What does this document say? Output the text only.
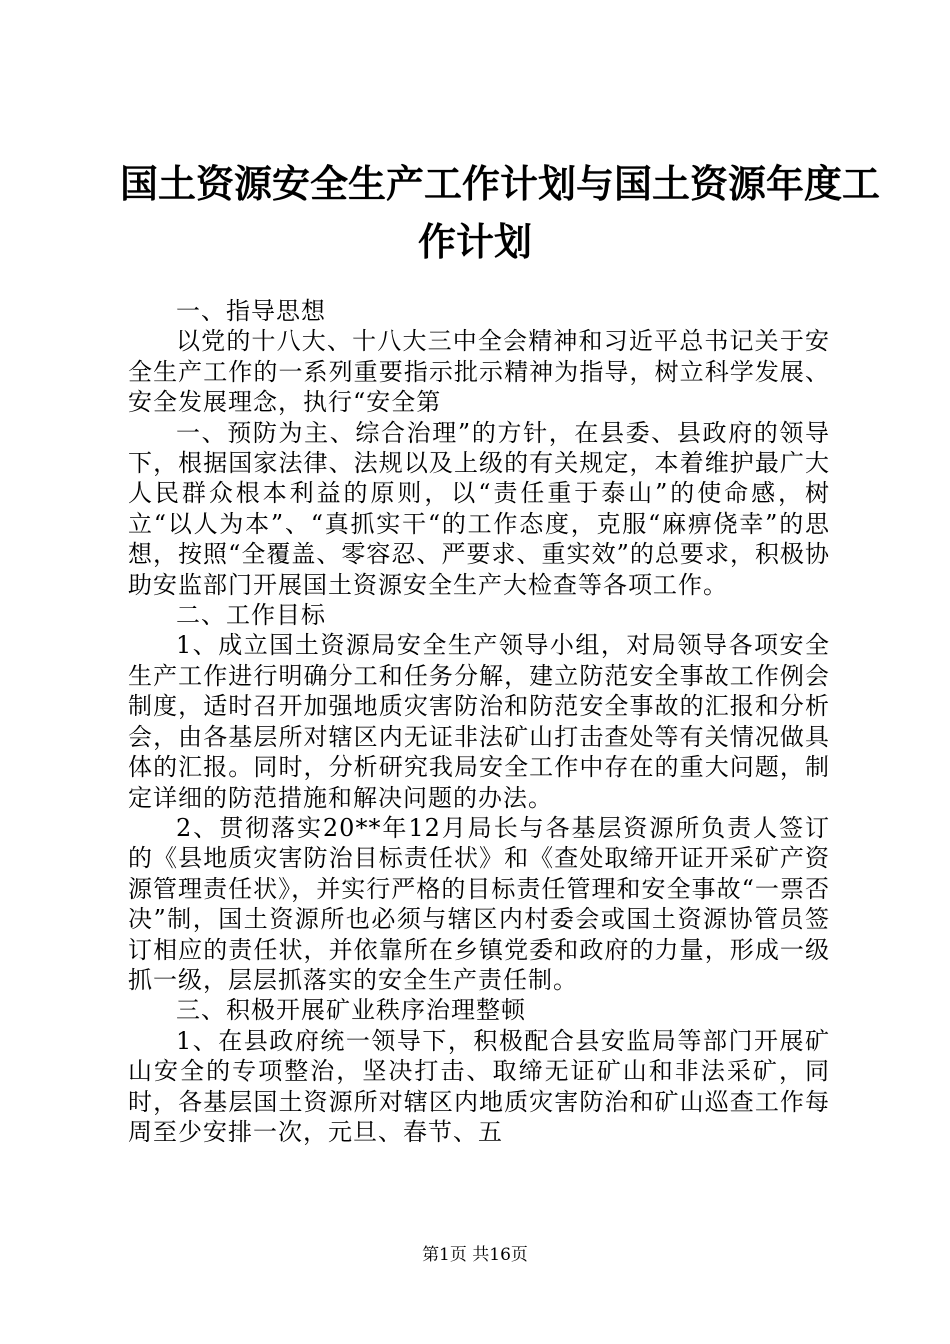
国土资源安全生产工作计划与国土资源年度工
作计划

一、指导思想

以党的十八大、十八大三中全会精神和习近平总书记关于安全生产工作的一系列重要指示批示精神为指导，树立科学发展、安全发展理念，执行“安全第

一、预防为主、综合治理”的方针，在县委、县政府的领导下，根据国家法律、法规以及上级的有关规定，本着维护最广大人民群众根本利益的原则，以“责任重于泰山”的使命感，树立“以人为本”、“真抓实干“的工作态度，克服“麻痹侥幸”的思想，按照“全覆盖、零容忍、严要求、重实效”的总要求，积极协助安监部门开展国土资源安全生产大检查等各项工作。

二、工作目标

1、成立国土资源局安全生产领导小组，对局领导各项安全生产工作进行明确分工和任务分解，建立防范安全事故工作例会制度，适时召开加强地质灾害防治和防范安全事故的汇报和分析会，由各基层所对辖区内无证非法矿山打击查处等有关情况做具体的汇报。同时，分析研究我局安全工作中存在的重大问题，制定详细的防范措施和解决问题的办法。

2、贯彻落实20**年12月局长与各基层资源所负责人签订的《县地质灾害防治目标责任状》和《查处取缔开证开采矿产资源管理责任状》，并实行严格的目标责任管理和安全事故“一票否决”制，国土资源所也必须与辖区内村委会或国土资源协管员签订相应的责任状，并依靠所在乡镇党委和政府的力量，形成一级抓一级，层层抓落实的安全生产责任制。

三、积极开展矿业秩序治理整顿

1、在县政府统一领导下，积极配合县安监局等部门开展矿山安全的专项整治，坚决打击、取缔无证矿山和非法采矿，同时，各基层国土资源所对辖区内地质灾害防治和矿山巡查工作每周至少安排一次，元旦、春节、五

第1页 共16页
